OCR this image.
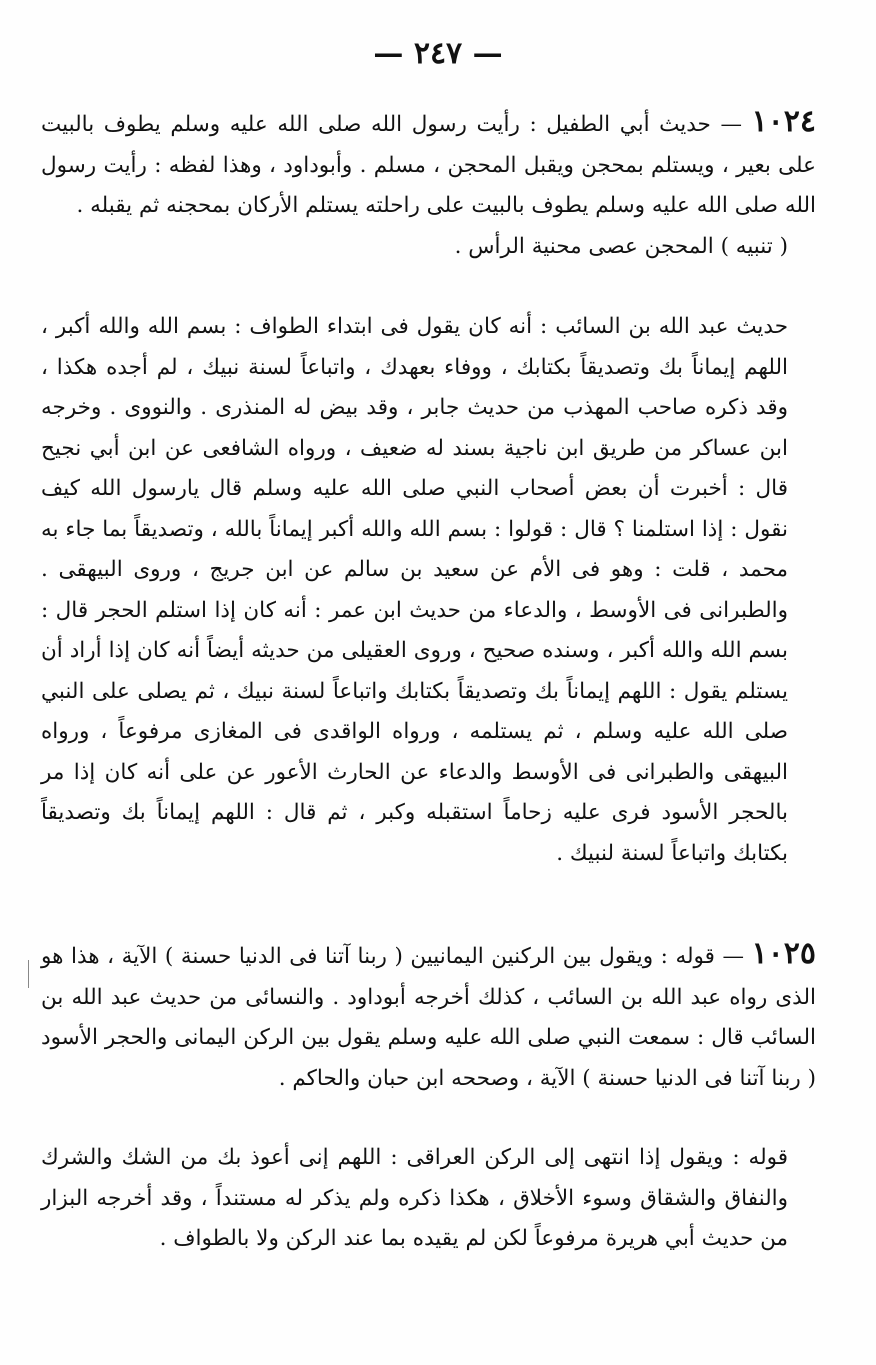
— ٢٤٧ —

١٠٢٤ — حديث أبي الطفيل : رأيت رسول الله صلى الله عليه وسلم يطوف بالبيت على بعير ، ويستلم بمحجن ويقبل المحجن ، مسلم . وأبوداود ، وهذا لفظه : رأيت رسول الله صلى الله عليه وسلم يطوف بالبيت على راحلته يستلم الأركان بمحجنه ثم يقبله .

( تنبيه ) المحجن عصى محنية الرأس .

حديث عبد الله بن السائب : أنه كان يقول فى ابتداء الطواف : بسم الله والله أكبر ، اللهم إيماناً بك وتصديقاً بكتابك ، ووفاء بعهدك ، واتباعاً لسنة نبيك ، لم أجده هكذا ، وقد ذكره صاحب المهذب من حديث جابر ، وقد بيض له المنذرى . والنووى . وخرجه ابن عساكر من طريق ابن ناجية بسند له ضعيف ، ورواه الشافعى عن ابن أبي نجيح قال : أخبرت أن بعض أصحاب النبي صلى الله عليه وسلم قال يارسول الله كيف نقول : إذا استلمنا ؟ قال : قولوا : بسم الله والله أكبر إيماناً بالله ، وتصديقاً بما جاء به محمد ، قلت : وهو فى الأم عن سعيد بن سالم عن ابن جريج ، وروى البيهقى . والطبرانى فى الأوسط ، والدعاء من حديث ابن عمر : أنه كان إذا استلم الحجر قال : بسم الله والله أكبر ، وسنده صحيح ، وروى العقيلى من حديثه أيضاً أنه كان إذا أراد أن يستلم يقول : اللهم إيماناً بك وتصديقاً بكتابك واتباعاً لسنة نبيك ، ثم يصلى على النبي صلى الله عليه وسلم ، ثم يستلمه ، ورواه الواقدى فى المغازى مرفوعاً ، ورواه البيهقى والطبرانى فى الأوسط والدعاء عن الحارث الأعور عن على أنه كان إذا مر بالحجر الأسود فرى عليه زحاماً استقبله وكبر ، ثم قال : اللهم إيماناً بك وتصديقاً بكتابك واتباعاً لسنة لنبيك .

١٠٢٥ — قوله : ويقول بين الركنين اليمانيين ( ربنا آتنا فى الدنيا حسنة ) الآية ، هذا هو الذى رواه عبد الله بن السائب ، كذلك أخرجه أبوداود . والنسائى من حديث عبد الله بن السائب قال : سمعت النبي صلى الله عليه وسلم يقول بين الركن اليمانى والحجر الأسود ( ربنا آتنا فى الدنيا حسنة ) الآية ، وصححه ابن حبان والحاكم .

قوله : ويقول إذا انتهى إلى الركن العراقى : اللهم إنى أعوذ بك من الشك والشرك والنفاق والشقاق وسوء الأخلاق ، هكذا ذكره ولم يذكر له مستنداً ، وقد أخرجه البزار من حديث أبي هريرة مرفوعاً لكن لم يقيده بما عند الركن ولا بالطواف .
